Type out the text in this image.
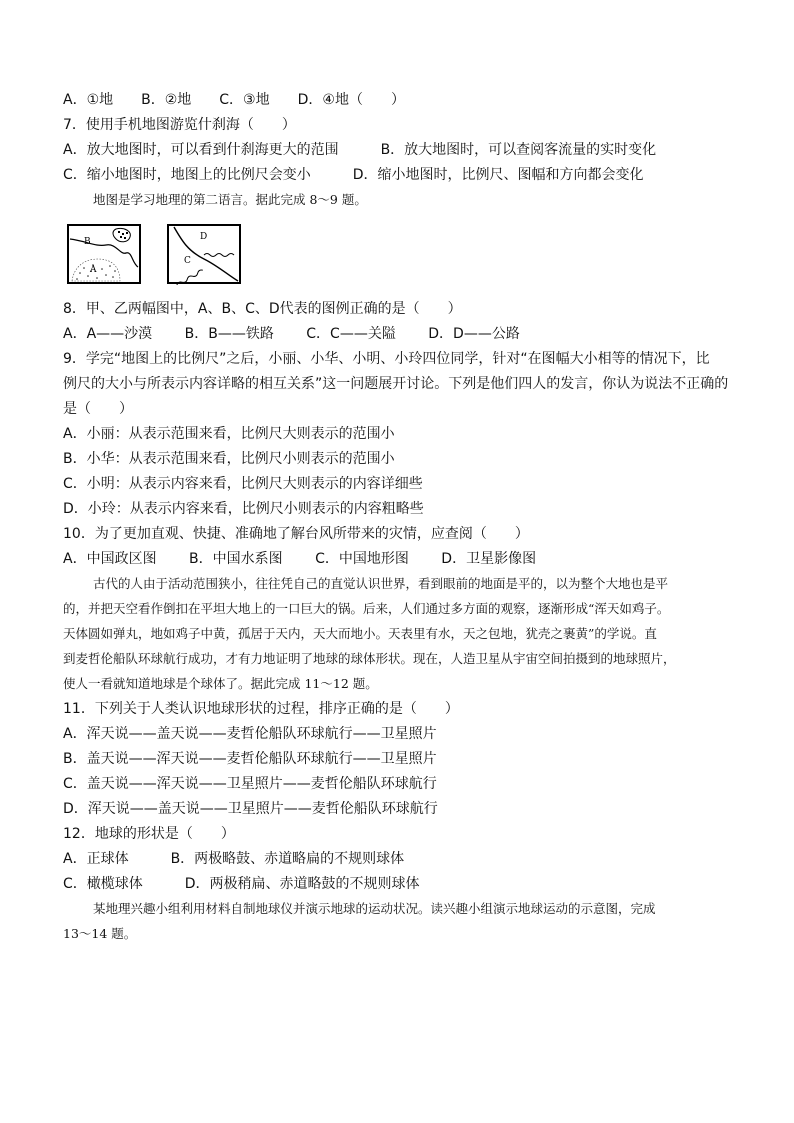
A．①地　　B．②地　　C．③地　　D．④地（　　）
7．使用手机地图游览什刹海（　　）
A．放大地图时，可以看到什刹海更大的范围　　　B．放大地图时，可以查阅客流量的实时变化
C．缩小地图时，地图上的比例尺会变小　　　D．缩小地图时，比例尺、图幅和方向都会变化
地图是学习地理的第二语言。据此完成 8～9 题。
B
A
D
C
8．甲、乙两幅图中，A、B、C、D代表的图例正确的是（　　）
A．A——沙漠　　 B．B——铁路　　 C．C——关隘　　 D．D——公路
9．学完“地图上的比例尺”之后，小丽、小华、小明、小玲四位同学，针对“在图幅大小相等的情况下，比
例尺的大小与所表示内容详略的相互关系”这一问题展开讨论。下列是他们四人的发言，你认为说法不正确的
是（　　）
A．小丽：从表示范围来看，比例尺大则表示的范围小
B．小华：从表示范围来看，比例尺小则表示的范围小
C．小明：从表示内容来看，比例尺大则表示的内容详细些
D．小玲：从表示内容来看，比例尺小则表示的内容粗略些
10．为了更加直观、快捷、准确地了解台风所带来的灾情，应查阅（　　）
A．中国政区图　　 B．中国水系图　　 C．中国地形图　　 D．卫星影像图
古代的人由于活动范围狭小，往往凭自己的直觉认识世界，看到眼前的地面是平的，以为整个大地也是平
的，并把天空看作倒扣在平坦大地上的一口巨大的锅。后来，人们通过多方面的观察，逐渐形成“浑天如鸡子。
天体圆如弹丸，地如鸡子中黄，孤居于天内，天大而地小。天表里有水，天之包地，犹壳之裹黄”的学说。直
到麦哲伦船队环球航行成功，才有力地证明了地球的球体形状。现在，人造卫星从宇宙空间拍摄到的地球照片，
使人一看就知道地球是个球体了。据此完成 11～12 题。
11．下列关于人类认识地球形状的过程，排序正确的是（　　）
A．浑天说——盖天说——麦哲伦船队环球航行——卫星照片
B．盖天说——浑天说——麦哲伦船队环球航行——卫星照片
C．盖天说——浑天说——卫星照片——麦哲伦船队环球航行
D．浑天说——盖天说——卫星照片——麦哲伦船队环球航行
12．地球的形状是（　　）
A．正球体　　　B．两极略鼓、赤道略扁的不规则球体
C．橄榄球体　　　D．两极稍扁、赤道略鼓的不规则球体
某地理兴趣小组利用材料自制地球仪并演示地球的运动状况。读兴趣小组演示地球运动的示意图，完成
13～14 题。
